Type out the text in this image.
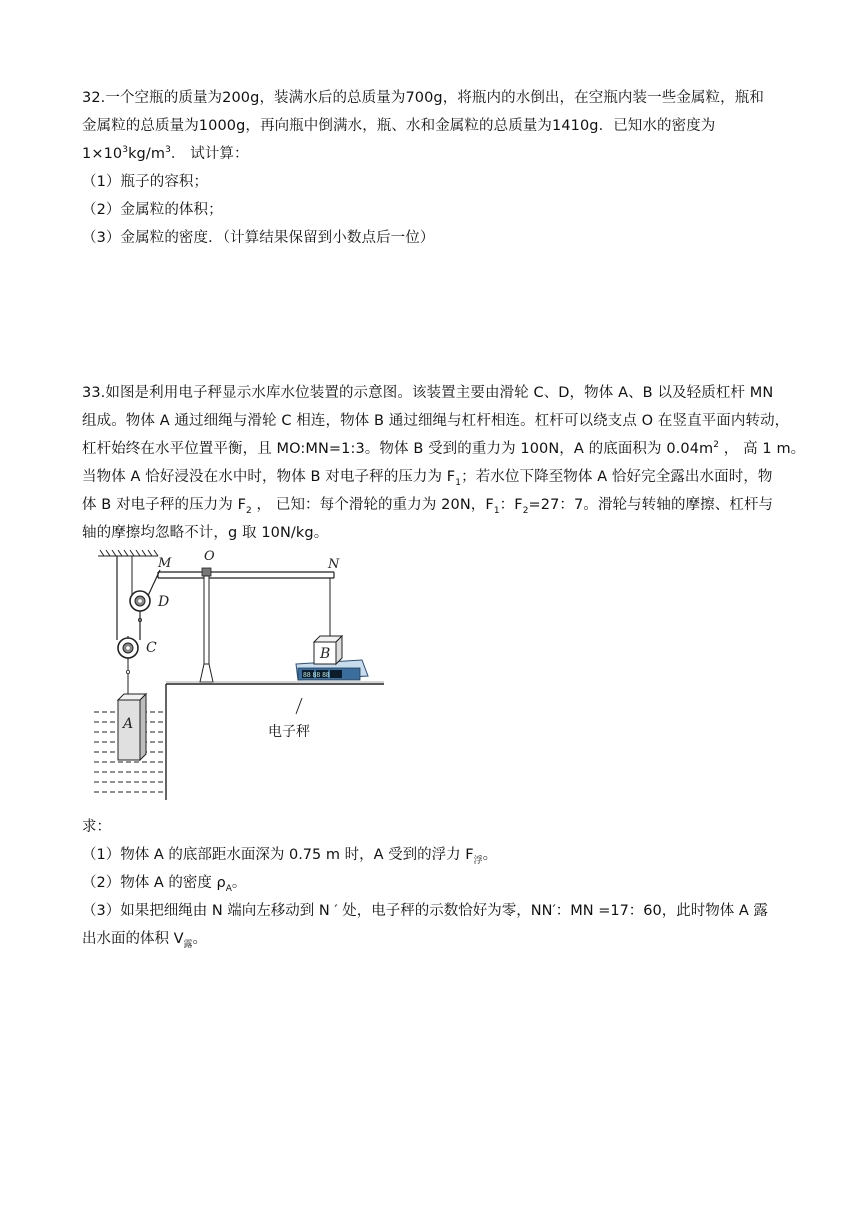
32.一个空瓶的质量为200g，装满水后的总质量为700g，将瓶内的水倒出，在空瓶内装一些金属粒，瓶和
金属粒的总质量为1000g，再向瓶中倒满水，瓶、水和金属粒的总质量为1410g．已知水的密度为
$1\times 10^3kg/m^3$． 试计算：
（1）瓶子的容积；
（2）金属粒的体积；
（3）金属粒的密度．（计算结果保留到小数点后一位）
33.如图是利用电子秤显示水库水位装置的示意图。该装置主要由滑轮 C、D，物体 A、B 以及轻质杠杆 MN
组成。物体 A 通过细绳与滑轮 C 相连，物体 B 通过细绳与杠杆相连。杠杆可以绕支点 O 在竖直平面内转动，
杠杆始终在水平位置平衡，且 MO:MN=1:3。物体 B 受到的重力为 100N，A 的底面积为 $0.04m^2$ ， 高 1 m。
当物体 A 恰好浸没在水中时，物体 B 对电子秤的压力为 $F_1$；若水位下降至物体 A 恰好完全露出水面时，物
体 B 对电子秤的压力为 $F_2$ ， 已知：每个滑轮的重力为 20N，$F_1$：$F_2=27$：7。滑轮与转轴的摩擦、杠杆与
轴的摩擦均忽略不计，g 取 10N/kg。
D
C
M	N
O
88 88 88
B
电子秤
A
求：
（1）物体 A 的底部距水面深为 0.75 m 时，A 受到的浮力 $F_浮$。
（2）物体 A 的密度 $\rho_A$。
（3）如果把细绳由 N 端向左移动到 N ′ 处，电子秤的示数恰好为零，NN′：MN =17：60，此时物体 A 露
出水面的体积 $V_露$。
